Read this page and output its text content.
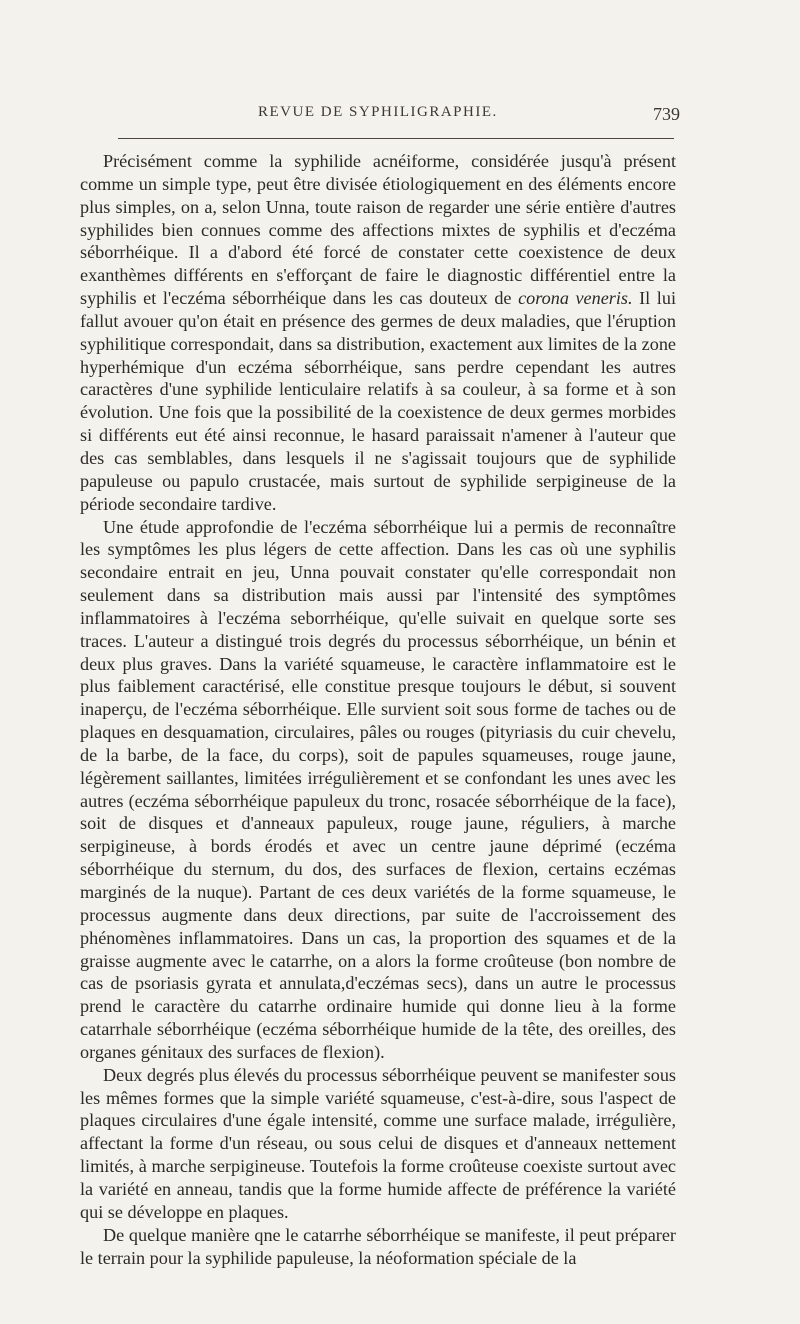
REVUE DE SYPHILIGRAPHIE.	739

Précisément comme la syphilide acnéiforme, considérée jusqu'à présent comme un simple type, peut être divisée étiologiquement en des éléments encore plus simples, on a, selon Unna, toute raison de regarder une série entière d'autres syphilides bien connues comme des affections mixtes de syphilis et d'eczéma séborrhéique. Il a d'abord été forcé de constater cette coexistence de deux exanthèmes différents en s'efforçant de faire le diagnostic différentiel entre la syphilis et l'eczéma séborrhéique dans les cas douteux de corona veneris. Il lui fallut avouer qu'on était en présence des germes de deux maladies, que l'éruption syphilitique correspondait, dans sa distribution, exactement aux limites de la zone hyperhémique d'un eczéma séborrhéique, sans perdre cependant les autres caractères d'une syphilide lenticulaire relatifs à sa couleur, à sa forme et à son évolution. Une fois que la possibilité de la coexistence de deux germes morbides si différents eut été ainsi reconnue, le hasard paraissait n'amener à l'auteur que des cas semblables, dans lesquels il ne s'agissait toujours que de syphilide papuleuse ou papulo crustacée, mais surtout de syphilide serpigineuse de la période secondaire tardive.

Une étude approfondie de l'eczéma séborrhéique lui a permis de reconnaître les symptômes les plus légers de cette affection. Dans les cas où une syphilis secondaire entrait en jeu, Unna pouvait constater qu'elle correspondait non seulement dans sa distribution mais aussi par l'intensité des symptômes inflammatoires à l'eczéma seborrhéique, qu'elle suivait en quelque sorte ses traces. L'auteur a distingué trois degrés du processus séborrhéique, un bénin et deux plus graves. Dans la variété squameuse, le caractère inflammatoire est le plus faiblement caractérisé, elle constitue presque toujours le début, si souvent inaperçu, de l'eczéma séborrhéique. Elle survient soit sous forme de taches ou de plaques en desquamation, circulaires, pâles ou rouges (pityriasis du cuir chevelu, de la barbe, de la face, du corps), soit de papules squameuses, rouge jaune, légèrement saillantes, limitées irrégulièrement et se confondant les unes avec les autres (eczéma séborrhéique papuleux du tronc, rosacée séborrhéique de la face), soit de disques et d'anneaux papuleux, rouge jaune, réguliers, à marche serpigineuse, à bords érodés et avec un centre jaune déprimé (eczéma séborrhéique du sternum, du dos, des surfaces de flexion, certains eczémas marginés de la nuque). Partant de ces deux variétés de la forme squameuse, le processus augmente dans deux directions, par suite de l'accroissement des phénomènes inflammatoires. Dans un cas, la proportion des squames et de la graisse augmente avec le catarrhe, on a alors la forme croûteuse (bon nombre de cas de psoriasis gyrata et annulata,d'eczémas secs), dans un autre le processus prend le caractère du catarrhe ordinaire humide qui donne lieu à la forme catarrhale séborrhéique (eczéma séborrhéique humide de la tête, des oreilles, des organes génitaux des surfaces de flexion).

Deux degrés plus élevés du processus séborrhéique peuvent se manifester sous les mêmes formes que la simple variété squameuse, c'est-à-dire, sous l'aspect de plaques circulaires d'une égale intensité, comme une surface malade, irrégulière, affectant la forme d'un réseau, ou sous celui de disques et d'anneaux nettement limités, à marche serpigineuse. Toutefois la forme croûteuse coexiste surtout avec la variété en anneau, tandis que la forme humide affecte de préférence la variété qui se développe en plaques.

De quelque manière qne le catarrhe séborrhéique se manifeste, il peut préparer le terrain pour la syphilide papuleuse, la néoformation spéciale de la
